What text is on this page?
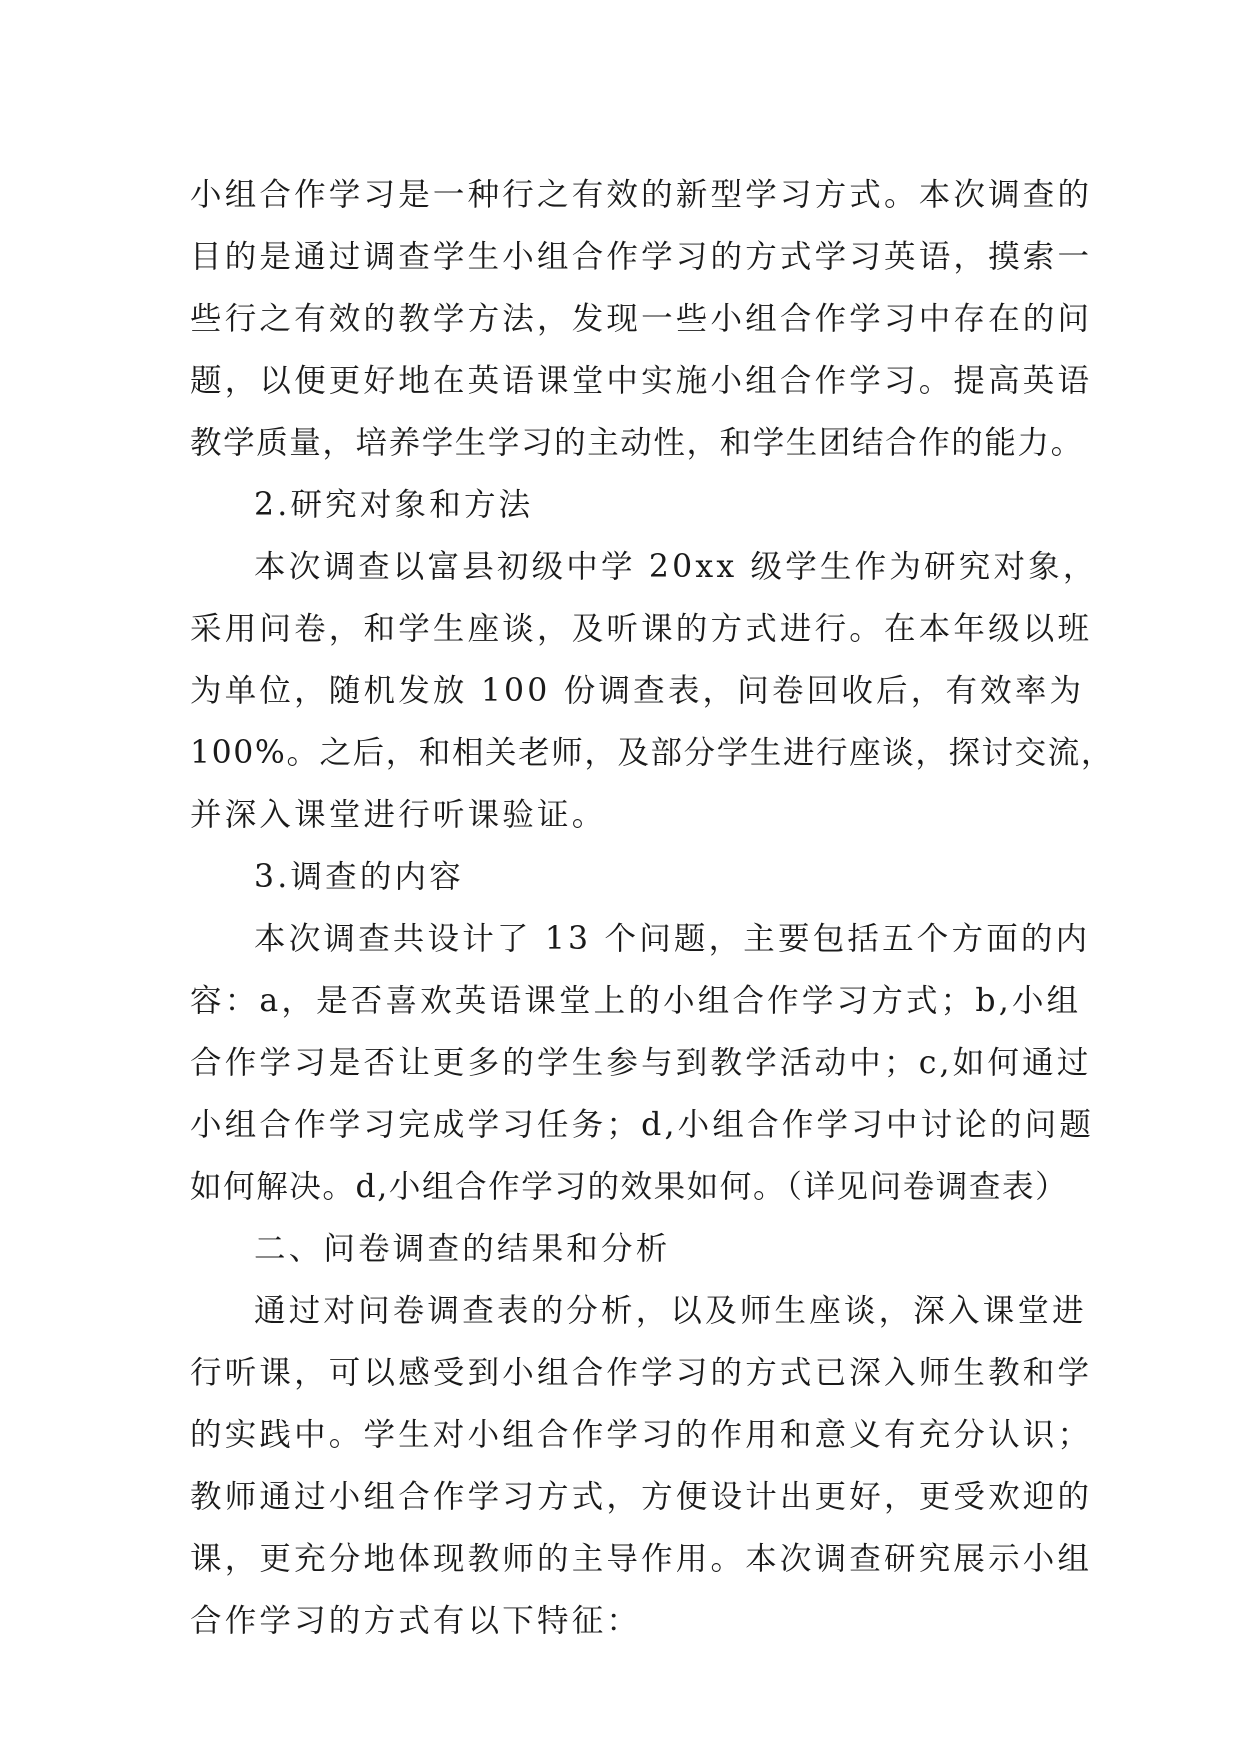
小组合作学习是一种行之有效的新型学习方式。本次调查的
目的是通过调查学生小组合作学习的方式学习英语，摸索一
些行之有效的教学方法，发现一些小组合作学习中存在的问
题，以便更好地在英语课堂中实施小组合作学习。提高英语
教学质量，培养学生学习的主动性，和学生团结合作的能力。
2.研究对象和方法
本次调查以富县初级中学 20xx 级学生作为研究对象，
采用问卷，和学生座谈，及听课的方式进行。在本年级以班
为单位，随机发放 100 份调查表，问卷回收后，有效率为
100%。之后，和相关老师，及部分学生进行座谈，探讨交流，
并深入课堂进行听课验证。
3.调查的内容
本次调查共设计了 13 个问题，主要包括五个方面的内
容：a，是否喜欢英语课堂上的小组合作学习方式；b,小组
合作学习是否让更多的学生参与到教学活动中；c,如何通过
小组合作学习完成学习任务；d,小组合作学习中讨论的问题
如何解决。d,小组合作学习的效果如何。（详见问卷调查表）
二、问卷调查的结果和分析
通过对问卷调查表的分析，以及师生座谈，深入课堂进
行听课，可以感受到小组合作学习的方式已深入师生教和学
的实践中。学生对小组合作学习的作用和意义有充分认识；
教师通过小组合作学习方式，方便设计出更好，更受欢迎的
课，更充分地体现教师的主导作用。本次调查研究展示小组
合作学习的方式有以下特征：
